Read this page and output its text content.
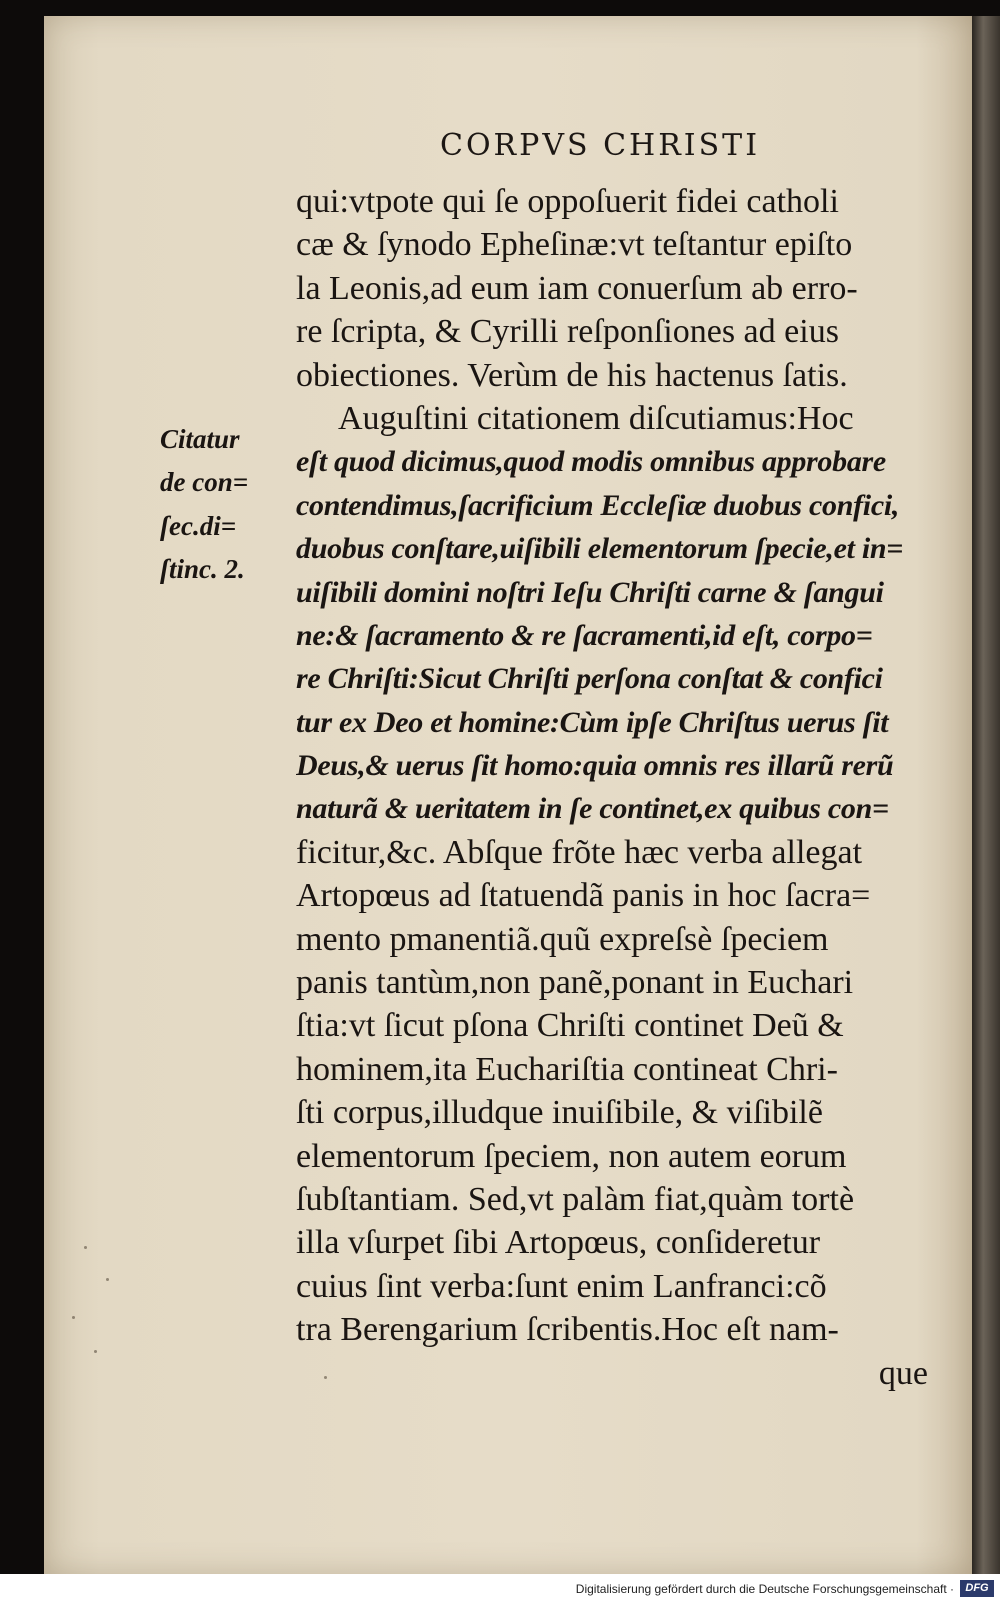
CORPVS CHRISTI
Citatur
de con=
ſec.di=
ſtinc. 2.
qui:vtpote qui ſe oppoſuerit fidei catholi
cæ & ſynodo Epheſinæ:vt teſtantur epiſto
la Leonis,ad eum iam conuerſum ab erro-
re ſcripta, & Cyrilli reſponſiones ad eius
obiectiones. Verùm de his hactenus ſatis.
Auguſtini citationem diſcutiamus:Hoc
eſt quod dicimus,quod modis omnibus approbare
contendimus,ſacrificium Eccleſiæ duobus confici,
duobus conſtare,uiſibili elementorum ſpecie,et in=
uiſibili domini noſtri Ieſu Chriſti carne & ſangui
ne:& ſacramento & re ſacramenti,id eſt, corpo=
re Chriſti:Sicut Chriſti perſona conſtat & confici
tur ex Deo et homine:Cùm ipſe Chriſtus uerus ſit
Deus,& uerus ſit homo:quia omnis res illarũ rerũ
naturã & ueritatem in ſe continet,ex quibus con=
ficitur,&c. Abſque frõte hæc verba allegat
Artopœus ad ſtatuendã panis in hoc ſacra=
mento pmanentiã.quũ expreſsè ſpeciem
panis tantùm,non panẽ,ponant in Euchari
ſtia:vt ſicut pſona Chriſti continet Deũ &
hominem,ita Euchariſtia contineat Chri-
ſti corpus,illudque inuiſibile, & viſibilẽ
elementorum ſpeciem, non autem eorum
ſubſtantiam. Sed,vt palàm fiat,quàm tortè
illa vſurpet ſibi Artopœus, conſideretur
cuius ſint verba:ſunt enim Lanfranci:cõ
tra Berengarium ſcribentis.Hoc eſt nam-
que
Digitalisierung gefördert durch die Deutsche Forschungsgemeinschaft ·	DFG
